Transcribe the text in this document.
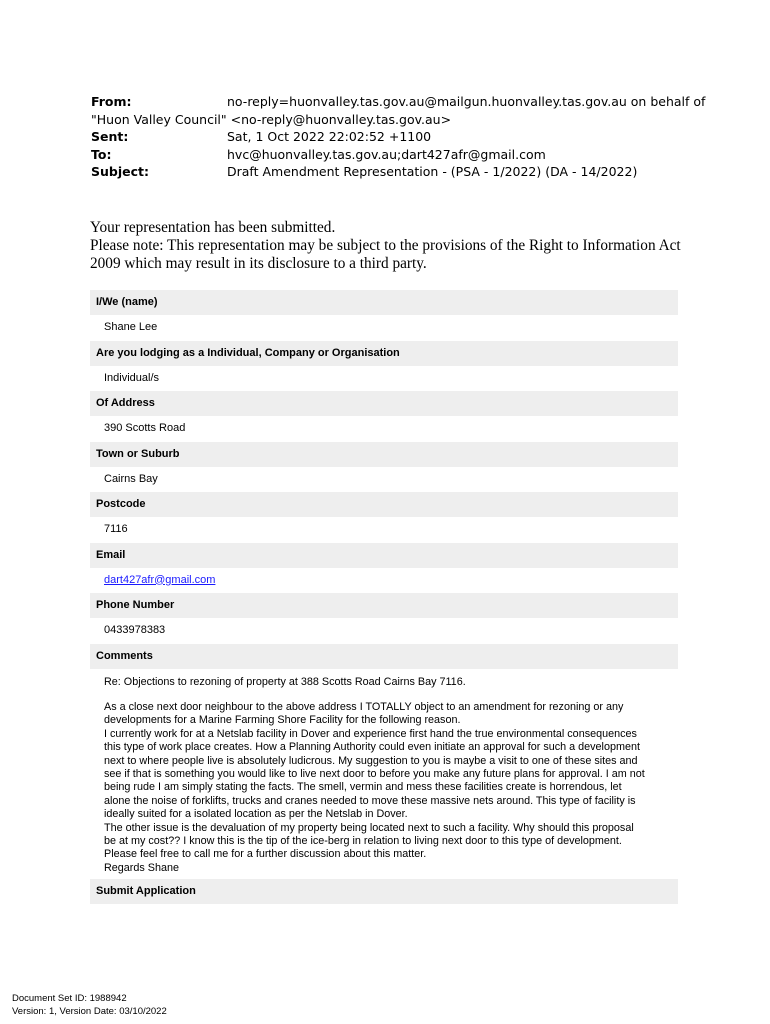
From:	no-reply=huonvalley.tas.gov.au@mailgun.huonvalley.tas.gov.au on behalf of
"Huon Valley Council" <no-reply@huonvalley.tas.gov.au>
Sent:	Sat, 1 Oct 2022 22:02:52 +1100
To:	hvc@huonvalley.tas.gov.au;dart427afr@gmail.com
Subject:	Draft Amendment Representation - (PSA - 1/2022) (DA - 14/2022)
Your representation has been submitted.
Please note: This representation may be subject to the provisions of the Right to Information Act
2009 which may result in its disclosure to a third party.
I/We (name)
Shane Lee
Are you lodging as a Individual, Company or Organisation
Individual/s
Of Address
390 Scotts Road
Town or Suburb
Cairns Bay
Postcode
7116
Email
dart427afr@gmail.com
Phone Number
0433978383
Comments

Re: Objections to rezoning of property at 388 Scotts Road Cairns Bay 7116.

As a close next door neighbour to the above address I TOTALLY object to an amendment for rezoning or any
developments for a Marine Farming Shore Facility for the following reason.
I currently work for at a Netslab facility in Dover and experience first hand the true environmental consequences
this type of work place creates. How a Planning Authority could even initiate an approval for such a development
next to where people live is absolutely ludicrous. My suggestion to you is maybe a visit to one of these sites and
see if that is something you would like to live next door to before you make any future plans for approval. I am not
being rude I am simply stating the facts. The smell, vermin and mess these facilities create is horrendous, let
alone the noise of forklifts, trucks and cranes needed to move these massive nets around. This type of facility is
ideally suited for a isolated location as per the Netslab in Dover.
The other issue is the devaluation of my property being located next to such a facility. Why should this proposal
be at my cost?? I know this is the tip of the ice-berg in relation to living next door to this type of development.
Please feel free to call me for a further discussion about this matter.
Regards Shane
Submit Application
Document Set ID: 1988942
Version: 1, Version Date: 03/10/2022
